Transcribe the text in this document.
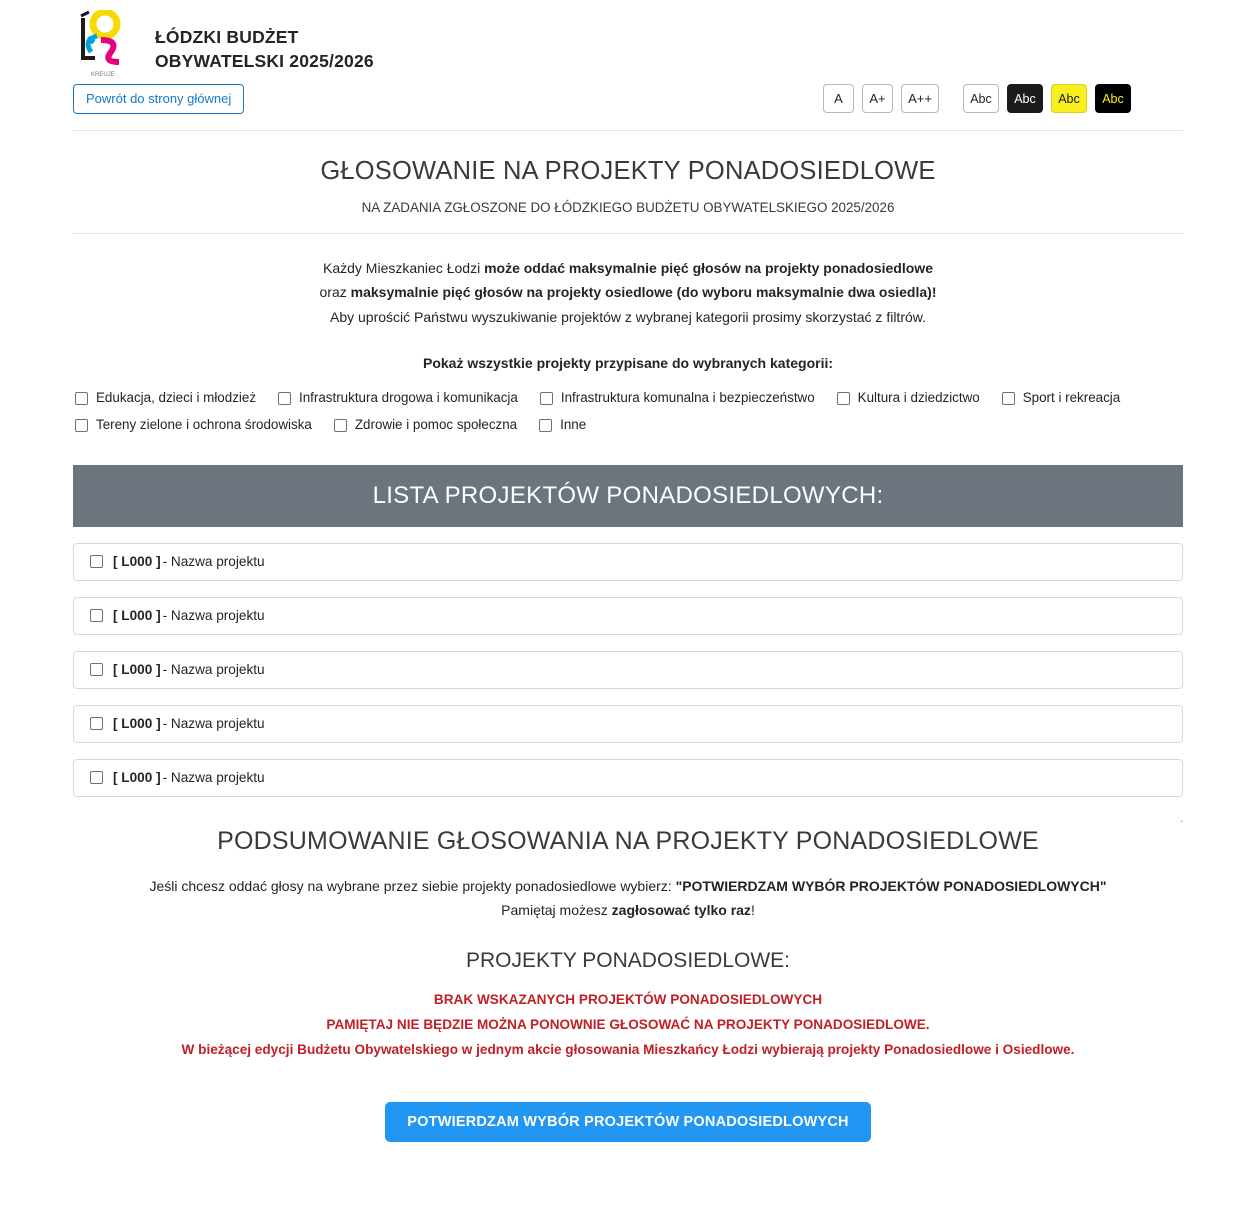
KREUJE
ŁÓDZKI BUDŻET
OBYWATELSKI 2025/2026
Powrót do strony głównej	A	A+	A++	Abc	Abc	Abc	Abc
GŁOSOWANIE NA PROJEKTY PONADOSIEDLOWE
NA ZADANIA ZGŁOSZONE DO ŁÓDZKIEGO BUDŻETU OBYWATELSKIEGO 2025/2026
Każdy Mieszkaniec Łodzi może oddać maksymalnie pięć głosów na projekty ponadosiedlowe
oraz maksymalnie pięć głosów na projekty osiedlowe (do wyboru maksymalnie dwa osiedla)!
Aby uprościć Państwu wyszukiwanie projektów z wybranej kategorii prosimy skorzystać z filtrów.
Pokaż wszystkie projekty przypisane do wybranych kategorii:
Edukacja, dzieci i młodzież	Infrastruktura drogowa i komunikacja	Infrastruktura komunalna i bezpieczeństwo	Kultura i dziedzictwo	Sport i rekreacja
Tereny zielone i ochrona środowiska	Zdrowie i pomoc społeczna	Inne
LISTA PROJEKTÓW PONADOSIEDLOWYCH:
[ L000 ] - Nazwa projektu
[ L000 ] - Nazwa projektu
[ L000 ] - Nazwa projektu
[ L000 ] - Nazwa projektu
[ L000 ] - Nazwa projektu
.
PODSUMOWANIE GŁOSOWANIA NA PROJEKTY PONADOSIEDLOWE
Jeśli chcesz oddać głosy na wybrane przez siebie projekty ponadosiedlowe wybierz: "POTWIERDZAM WYBÓR PROJEKTÓW PONADOSIEDLOWYCH"
Pamiętaj możesz zagłosować tylko raz!
PROJEKTY PONADOSIEDLOWE:
BRAK WSKAZANYCH PROJEKTÓW PONADOSIEDLOWYCH
PAMIĘTAJ NIE BĘDZIE MOŻNA PONOWNIE GŁOSOWAĆ NA PROJEKTY PONADOSIEDLOWE.
W bieżącej edycji Budżetu Obywatelskiego w jednym akcie głosowania Mieszkańcy Łodzi wybierają projekty Ponadosiedlowe i Osiedlowe.
POTWIERDZAM WYBÓR PROJEKTÓW PONADOSIEDLOWYCH
